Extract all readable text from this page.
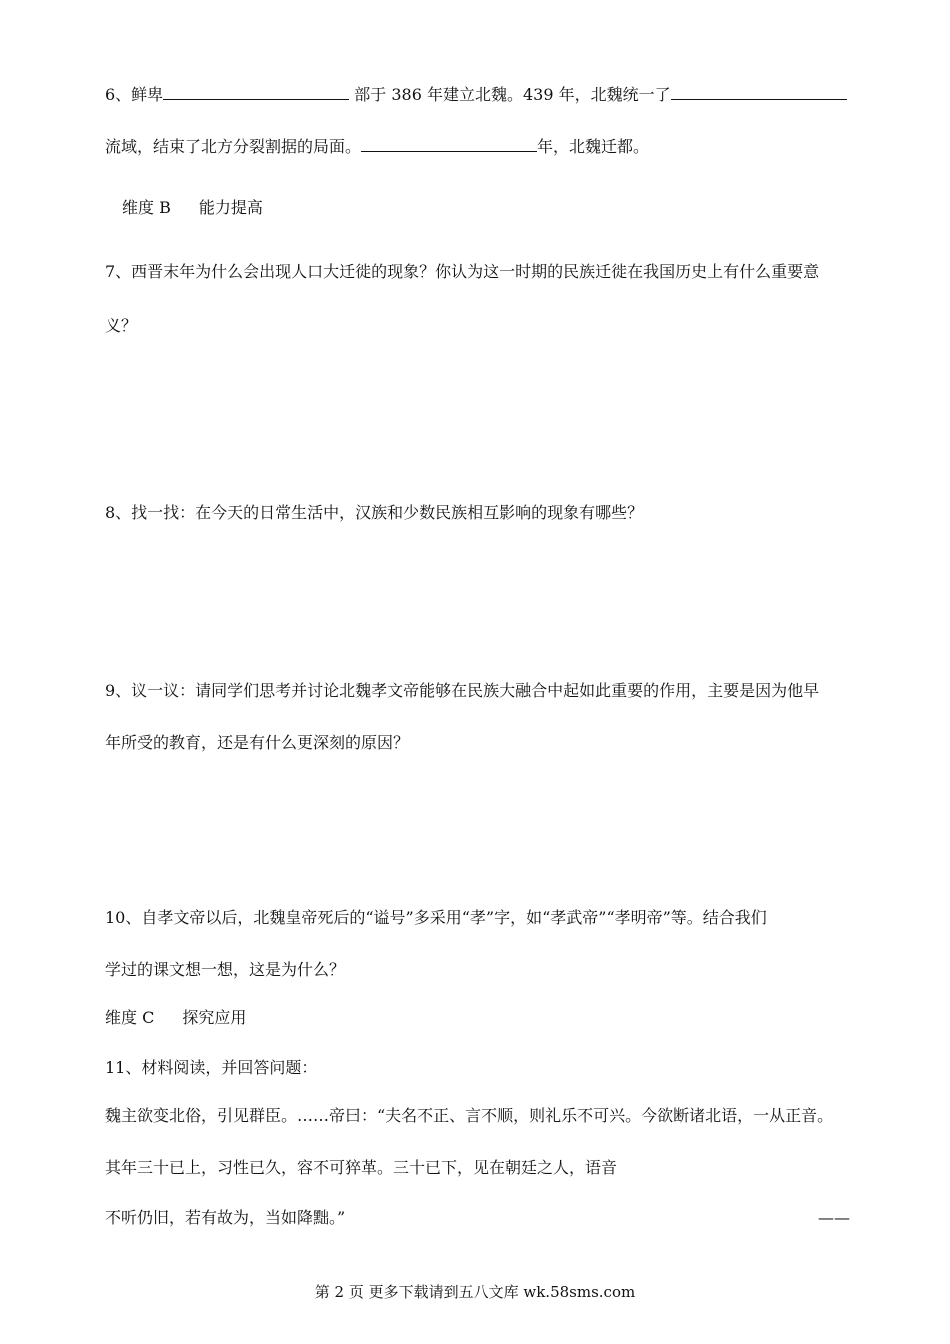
6、鲜卑	部于 386 年建立北魏。439 年，北魏统一了

流域，结束了北方分裂割据的局面。	年，北魏迁都。

维度 B 能力提高

7、西晋末年为什么会出现人口大迁徙的现象？你认为这一时期的民族迁徙在我国历史上有什么重要意

义？

8、找一找：在今天的日常生活中，汉族和少数民族相互影响的现象有哪些？

9、议一议：请同学们思考并讨论北魏孝文帝能够在民族大融合中起如此重要的作用，主要是因为他早

年所受的教育，还是有什么更深刻的原因？

10、自孝文帝以后，北魏皇帝死后的“谥号”多采用“孝”字，如“孝武帝”“孝明帝”等。结合我们

学过的课文想一想，这是为什么？

维度 C 探究应用

11、材料阅读，并回答问题：

魏主欲变北俗，引见群臣。……帝曰：“夫名不正、言不顺，则礼乐不可兴。今欲断诸北语，一从正音。

其年三十已上，习性已久，容不可猝革。三十已下，见在朝廷之人，语音

不听仍旧，若有故为，当如降黜。”	——

第 2 页 更多下载请到五八文库 wk.58sms.com
